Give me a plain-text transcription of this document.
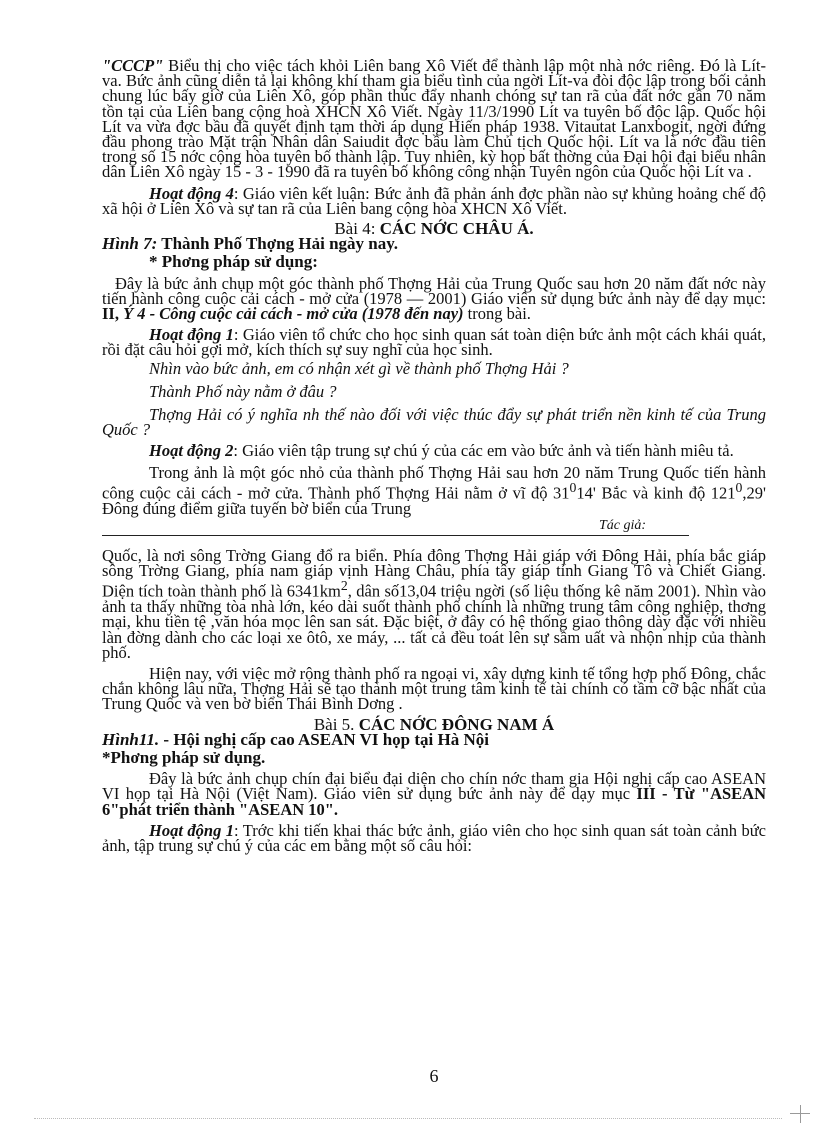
"CCCP" Biểu thị cho việc tách khỏi Liên bang Xô Viết để thành lập một nhà nớc riêng. Đó là Lít-va. Bức ảnh cũng diễn tả lại không khí tham gia biểu tình của ngời Lít-va đòi độc lập trong bối cảnh chung lúc bấy giờ của Liên Xô, góp phần thúc đẩy nhanh chóng sự tan rã của đất nớc gần 70 năm tồn tại của Liên bang cộng hoà XHCN Xô Viết. Ngày 11/3/1990 Lít va tuyên bố độc lập. Quốc hội Lít va vừa đợc bầu đã quyết định tạm thời áp dụng Hiến pháp 1938. Vitautat Lanxbogit, ngời đứng đầu phong trào Mặt trận Nhân dân Saiudit đợc bầu làm Chủ tịch Quốc hội. Lít va là nớc đầu tiên trong số 15 nớc cộng hòa tuyên bố thành lập. Tuy nhiên, kỳ họp bất thờng của Đại hội đại biểu nhân dân Liên Xô ngày 15 - 3 - 1990 đã ra tuyên bố không công nhận Tuyên ngôn của Quốc hội Lít va .

Hoạt động 4: Giáo viên kết luận: Bức ảnh đã phản ánh đợc phần nào sự khủng hoảng chế độ xã hội ở Liên Xô và sự tan rã của Liên bang cộng hòa XHCN Xô Viết.

Bài 4: CÁC NỚC CHÂU Á.

Hình 7: Thành Phố Thợng Hải ngày nay.

* Phơng pháp sử dụng:

Đây là bức ảnh chụp một góc thành phố Thợng Hải của Trung Quốc sau hơn 20 năm đất nớc này tiến hành công cuộc cải cách - mở cửa (1978 — 2001) Giáo viên sử dụng bức ảnh này để dạy mục: II, Ý 4 - Công cuộc cải cách - mở cửa (1978 đến nay) trong bài.

Hoạt động 1: Giáo viên tổ chức cho học sinh quan sát toàn diện bức ảnh một cách khái quát, rồi đặt câu hỏi gợi mở, kích thích sự suy nghĩ của học sinh.

Nhìn vào bức ảnh, em có nhận xét gì về thành phố Thợng Hải ?

Thành Phố này nằm ở đâu ?

Thợng Hải có ý nghĩa nh thế nào đối với việc thúc đẩy sự phát triển nền kinh tế của Trung Quốc ?

Hoạt động 2: Giáo viên tập trung sự chú ý của các em vào bức ảnh và tiến hành miêu tả.

Trong ảnh là một góc nhỏ của thành phố Thợng Hải sau hơn 20 năm Trung Quốc tiến hành công cuộc cải cách - mở cửa. Thành phố Thợng Hải nằm ở vĩ độ $31^014'$ Bắc và kinh độ $121^0,29'$ Đông đúng điểm giữa tuyến bờ biển của Trung

Tác giả:

Quốc, là nơi sông Trờng Giang đổ ra biển. Phía đông Thợng Hải giáp với Đông Hải, phía bắc giáp sông Trờng Giang, phía nam giáp vịnh Hàng Châu, phía tây giáp tỉnh Giang Tô và Chiết Giang. Diện tích toàn thành phố là $6341km^2$, dân số13,04 triệu ngời (số liệu thống kê năm 2001). Nhìn vào ảnh ta thấy những tòa nhà lớn, kéo dài suốt thành phố chính là những trung tâm công nghiệp, thơng mại, khu tiền tệ ,văn hóa mọc lên san sát. Đặc biệt, ở đây có hệ thống giao thông dày đặc với nhiều làn đờng dành cho các loại xe ôtô, xe máy, ... tất cả đều toát lên sự sầm uất và nhộn nhịp của thành phố.

Hiện nay, với việc mở rộng thành phố ra ngoại vi, xây dựng kinh tế tổng hợp phố Đông, chắc chắn không lâu nữa, Thợng Hải sẽ tạo thành một trung tâm kinh tế tài chính có tầm cỡ bậc nhất của Trung Quốc và ven bờ biển Thái Bình Dơng .

Bài 5. CÁC NỚC ĐÔNG NAM Á

Hình11. - Hội nghị cấp cao ASEAN VI họp tại Hà Nội

*Phơng pháp sử dụng.

Đây là bức ảnh chụp chín đại biểu đại diện cho chín nớc tham gia Hội nghị cấp cao ASEAN VI họp tại Hà Nội (Việt Nam). Giáo viên sử dụng bức ảnh này để dạy mục III - Từ "ASEAN 6"phát triển thành "ASEAN 10".

Hoạt động 1: Trớc khi tiến khai thác bức ảnh, giáo viên cho học sinh quan sát toàn cảnh bức ảnh, tập trung sự chú ý của các em bằng một số câu hỏi:

6
